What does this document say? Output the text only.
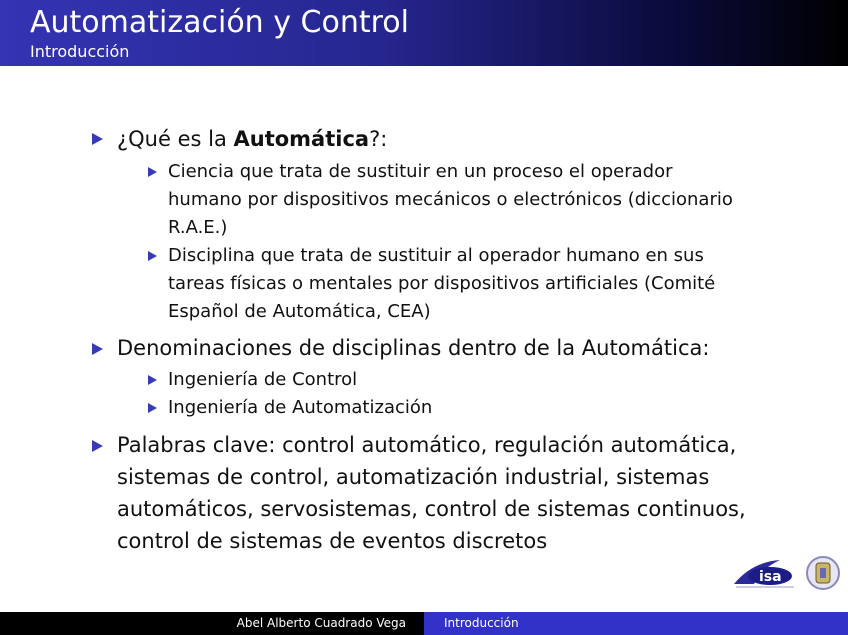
Automatización y Control
Introducción
¿Qué es la Automática?:
Ciencia que trata de sustituir en un proceso el operador
humano por dispositivos mecánicos o electrónicos (diccionario
R.A.E.)
Disciplina que trata de sustituir al operador humano en sus
tareas físicas o mentales por dispositivos artificiales (Comité
Español de Automática, CEA)
Denominaciones de disciplinas dentro de la Automática:
Ingeniería de Control
Ingeniería de Automatización
Palabras clave: control automático, regulación automática,
sistemas de control, automatización industrial, sistemas
automáticos, servosistemas, control de sistemas continuos,
control de sistemas de eventos discretos
isa
Abel Alberto Cuadrado Vega	Introducción
